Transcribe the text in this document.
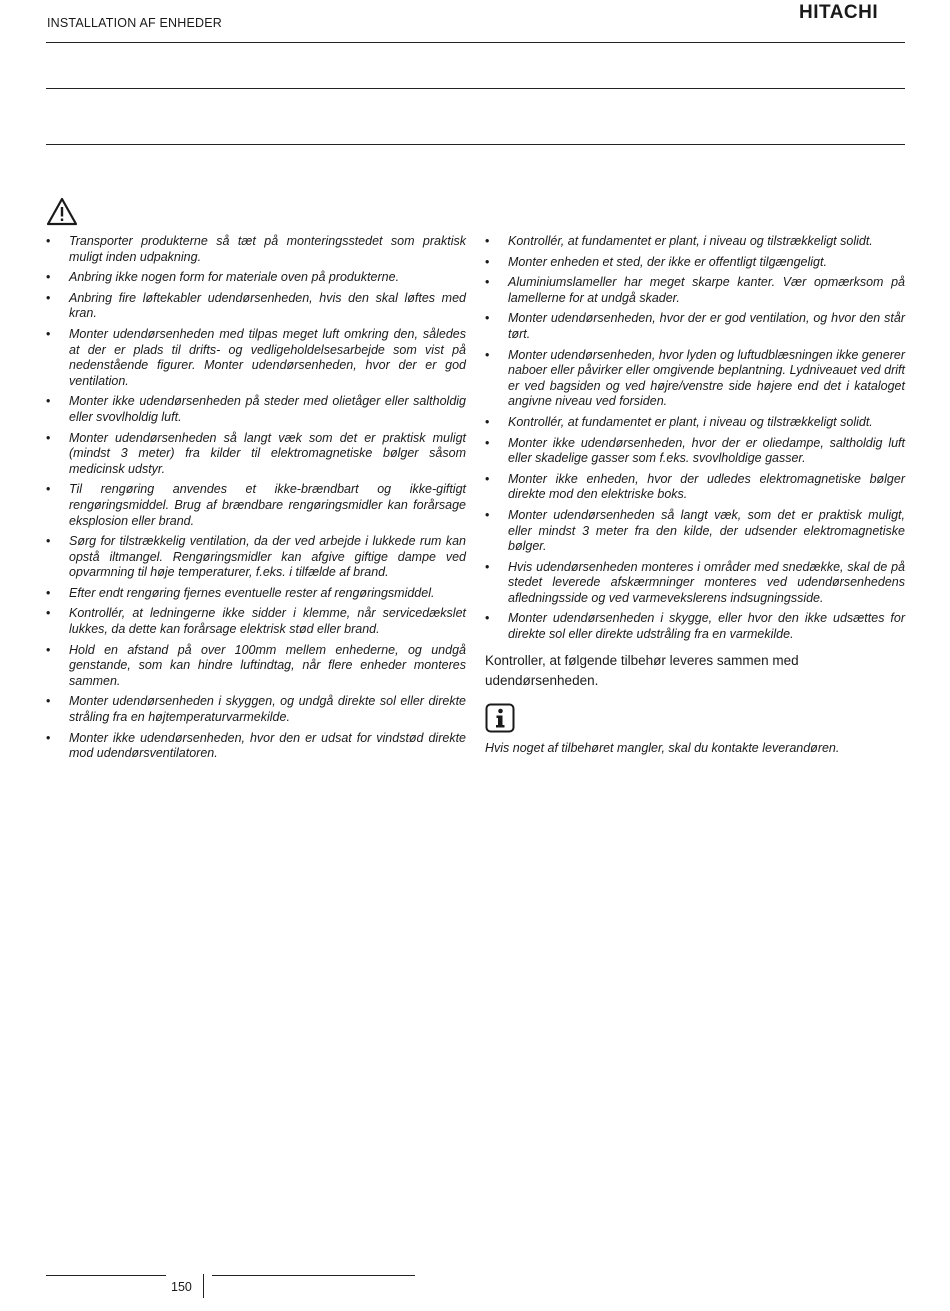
INSTALLATION AF ENHEDER	HITACHI
• Transporter produkterne så tæt på monteringsstedet som praktisk muligt inden udpakning.
• Anbring ikke nogen form for materiale oven på produkterne.
• Anbring fire løftekabler udendørsenheden, hvis den skal løftes med kran.
• Monter udendørsenheden med tilpas meget luft omkring den, således at der er plads til drifts- og vedligeholdelsesarbejde som vist på nedenstående figurer. Monter udendørsenheden, hvor der er god ventilation.
• Monter ikke udendørsenheden på steder med olietåger eller saltholdig eller svovlholdig luft.
• Monter udendørsenheden så langt væk som det er praktisk muligt (mindst 3 meter) fra kilder til elektromagnetiske bølger såsom medicinsk udstyr.
• Til rengøring anvendes et ikke-brændbart og ikke-giftigt rengøringsmiddel. Brug af brændbare rengøringsmidler kan forårsage eksplosion eller brand.
• Sørg for tilstrækkelig ventilation, da der ved arbejde i lukkede rum kan opstå iltmangel. Rengøringsmidler kan afgive giftige dampe ved opvarmning til høje temperaturer, f.eks. i tilfælde af brand.
• Efter endt rengøring fjernes eventuelle rester af rengøringsmiddel.
• Kontrollér, at ledningerne ikke sidder i klemme, når servicedækslet lukkes, da dette kan forårsage elektrisk stød eller brand.
• Hold en afstand på over 100mm mellem enhederne, og undgå genstande, som kan hindre luftindtag, når flere enheder monteres sammen.
• Monter udendørsenheden i skyggen, og undgå direkte sol eller direkte stråling fra en højtemperaturvarmekilde.
• Monter ikke udendørsenheden, hvor den er udsat for vindstød direkte mod udendørsventilatoren.
• Kontrollér, at fundamentet er plant, i niveau og tilstrækkeligt solidt.
• Monter enheden et sted, der ikke er offentligt tilgængeligt.
• Aluminiumslameller har meget skarpe kanter. Vær opmærksom på lamellerne for at undgå skader.
• Monter udendørsenheden, hvor der er god ventilation, og hvor den står tørt.
• Monter udendørsenheden, hvor lyden og luftudblæsningen ikke generer naboer eller påvirker eller omgivende beplantning. Lydniveauet ved drift er ved bagsiden og ved højre/venstre side højere end det i kataloget angivne niveau ved forsiden.
• Kontrollér, at fundamentet er plant, i niveau og tilstrækkeligt solidt.
• Monter ikke udendørsenheden, hvor der er oliedampe, saltholdig luft eller skadelige gasser som f.eks. svovlholdige gasser.
• Monter ikke enheden, hvor der udledes elektromagnetiske bølger direkte mod den elektriske boks.
• Monter udendørsenheden så langt væk, som det er praktisk muligt, eller mindst 3 meter fra den kilde, der udsender elektromagnetiske bølger.
• Hvis udendørsenheden monteres i områder med snedække, skal de på stedet leverede afskærmninger monteres ved udendørsenhedens afledningsside og ved varmevekslerens indsugningsside.
• Monter udendørsenheden i skygge, eller hvor den ikke udsættes for direkte sol eller direkte udstråling fra en varmekilde.
Kontroller, at følgende tilbehør leveres sammen med udendørsenheden.
Hvis noget af tilbehøret mangler, skal du kontakte leverandøren.
150
